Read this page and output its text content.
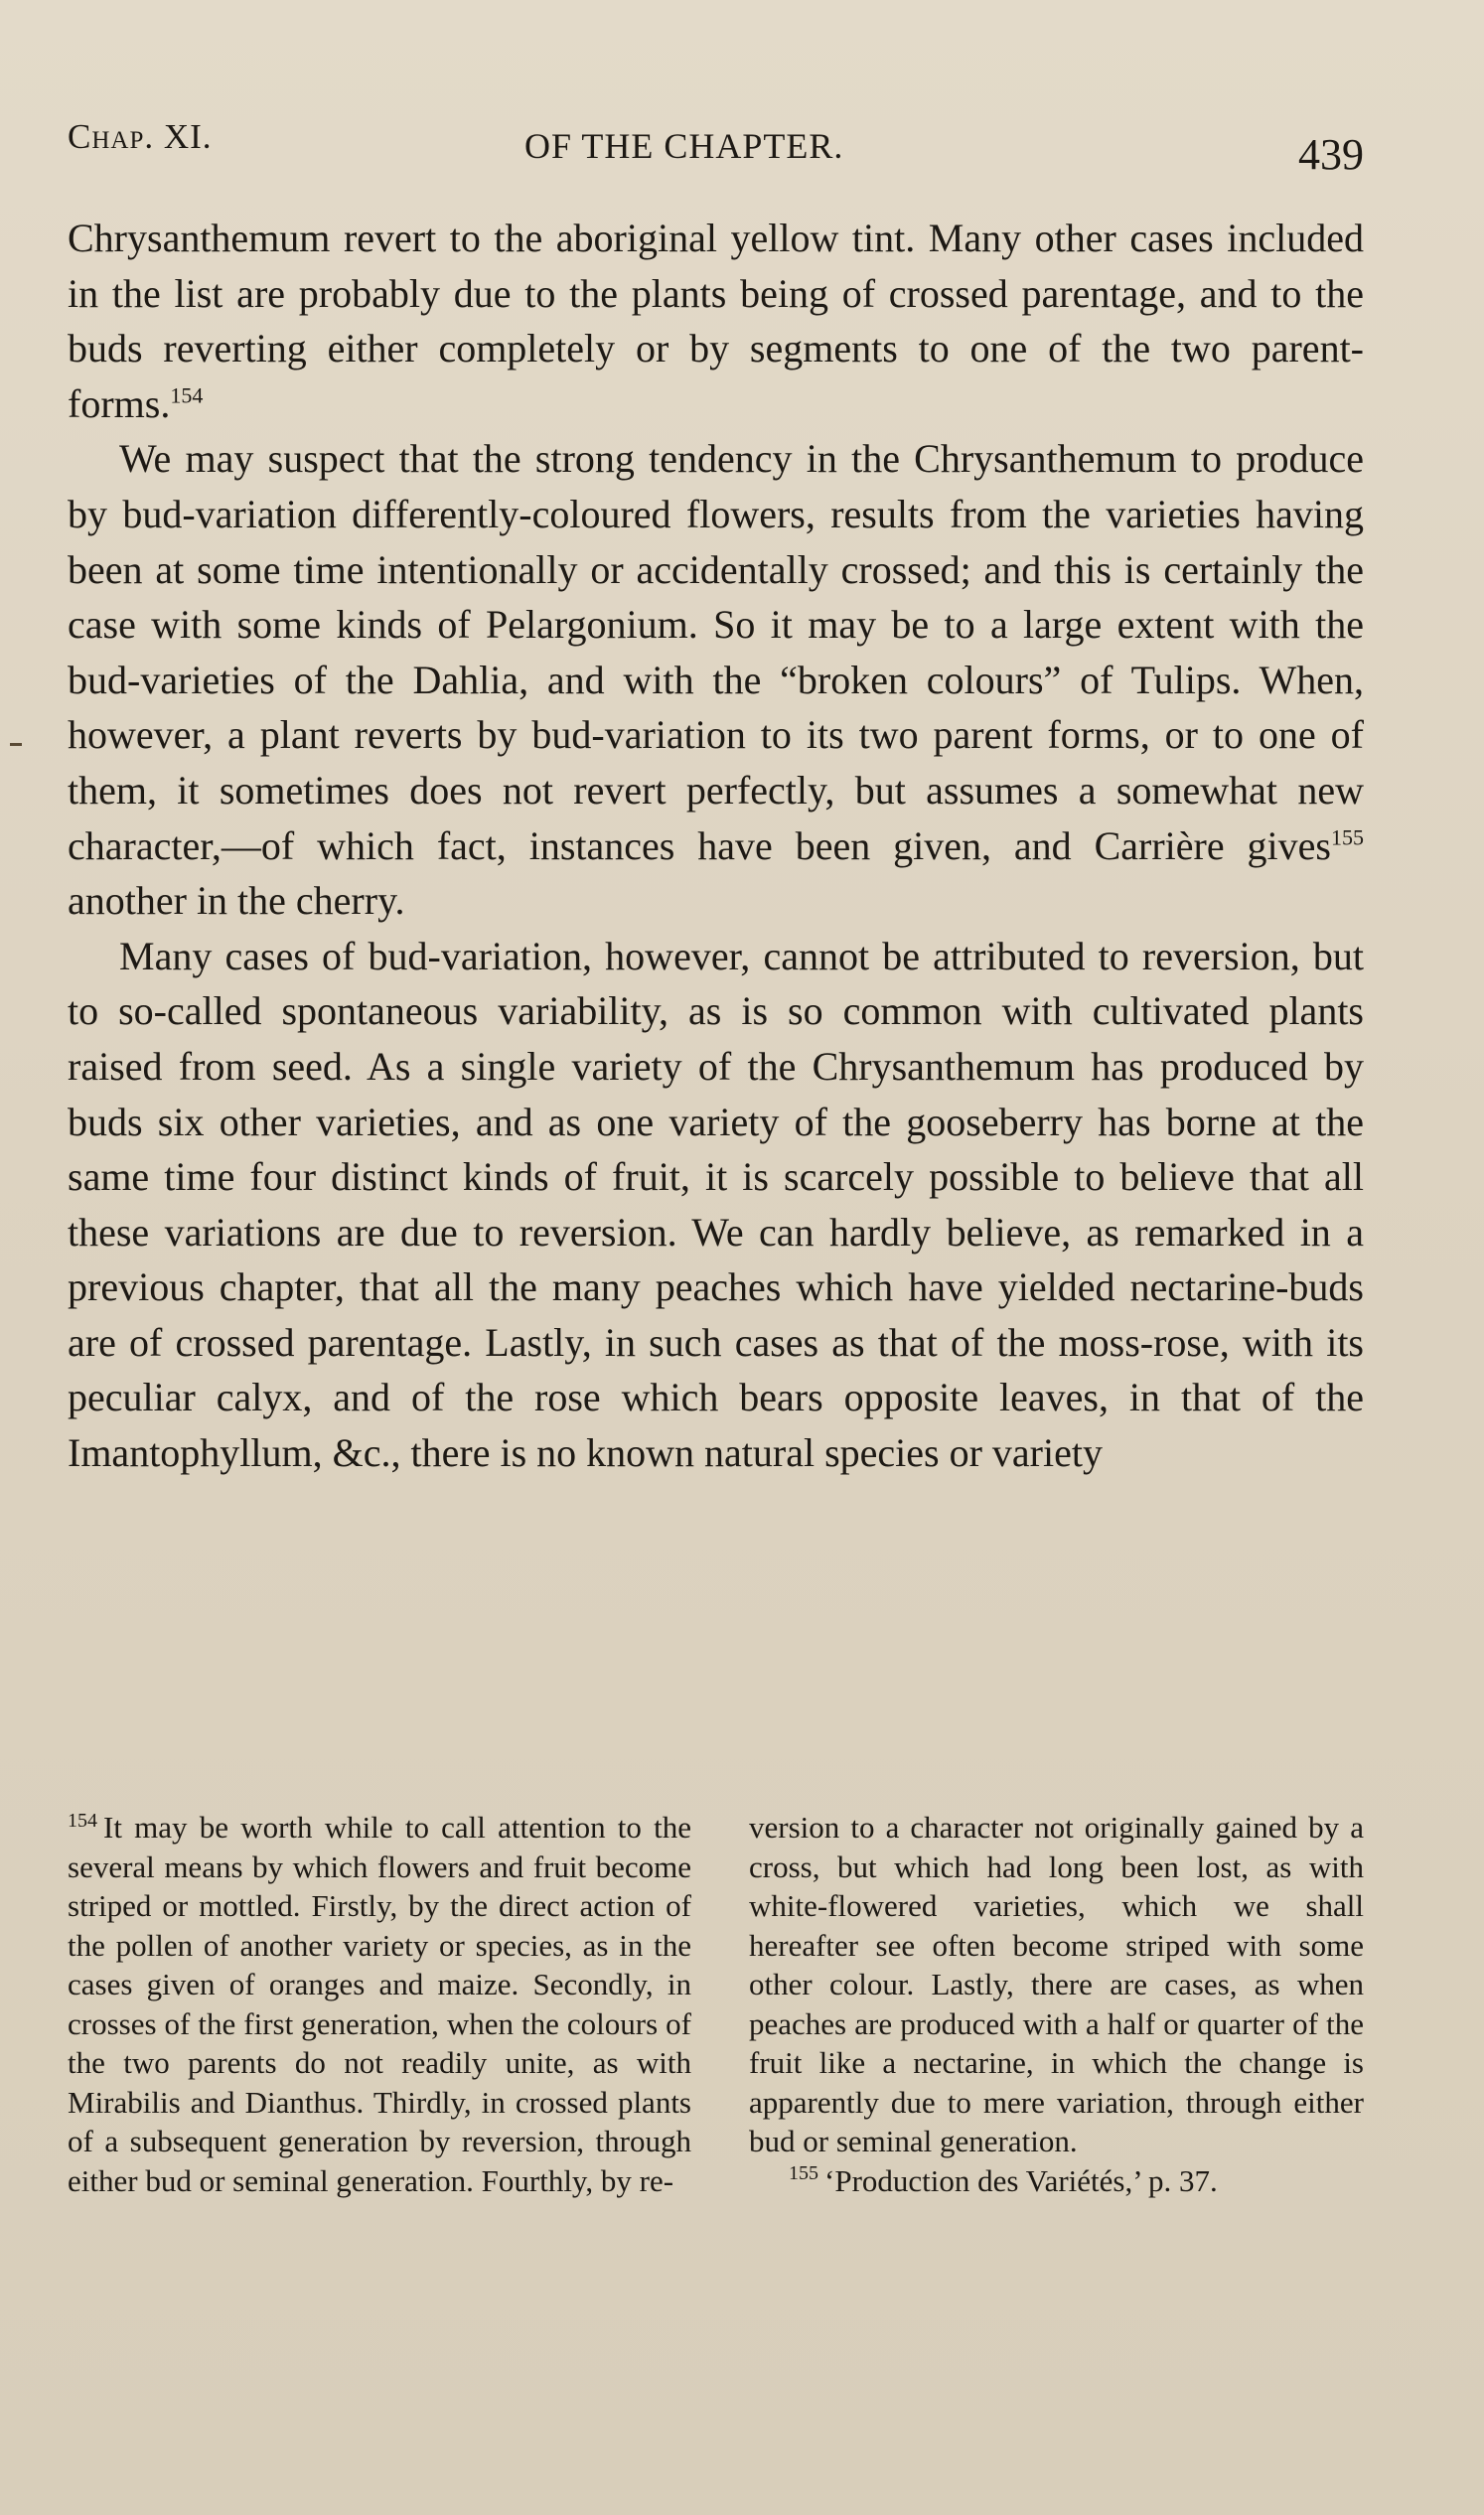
Chap. XI.	OF THE CHAPTER.	439

Chrysanthemum revert to the aboriginal yellow tint. Many other cases included in the list are probably due to the plants being of crossed parentage, and to the buds reverting either completely or by segments to one of the two parent-forms.$^{154}$

We may suspect that the strong tendency in the Chrysanthemum to produce by bud-variation differently-coloured flowers, results from the varieties having been at some time intentionally or accidentally crossed; and this is certainly the case with some kinds of Pelargonium. So it may be to a large extent with the bud-varieties of the Dahlia, and with the “broken colours” of Tulips. When, however, a plant reverts by bud-variation to its two parent forms, or to one of them, it sometimes does not revert perfectly, but assumes a somewhat new character,—of which fact, instances have been given, and Carrière gives$^{155}$ another in the cherry.

Many cases of bud-variation, however, cannot be attributed to reversion, but to so-called spontaneous variability, as is so common with cultivated plants raised from seed. As a single variety of the Chrysanthemum has produced by buds six other varieties, and as one variety of the gooseberry has borne at the same time four distinct kinds of fruit, it is scarcely possible to believe that all these variations are due to reversion. We can hardly believe, as remarked in a previous chapter, that all the many peaches which have yielded nectarine-buds are of crossed parentage. Lastly, in such cases as that of the moss-rose, with its peculiar calyx, and of the rose which bears opposite leaves, in that of the Imantophyllum, &c., there is no known natural species or variety

$^{154}$ It may be worth while to call attention to the several means by which flowers and fruit become striped or mottled. Firstly, by the direct action of the pollen of another variety or species, as in the cases given of oranges and maize. Secondly, in crosses of the first generation, when the colours of the two parents do not readily unite, as with Mirabilis and Dianthus. Thirdly, in crossed plants of a subsequent generation by reversion, through either bud or seminal generation. Fourthly, by re-

version to a character not originally gained by a cross, but which had long been lost, as with white-flowered varieties, which we shall hereafter see often become striped with some other colour. Lastly, there are cases, as when peaches are produced with a half or quarter of the fruit like a nectarine, in which the change is apparently due to mere variation, through either bud or seminal generation.

$^{155}$ ‘Production des Variétés,’ p. 37.
